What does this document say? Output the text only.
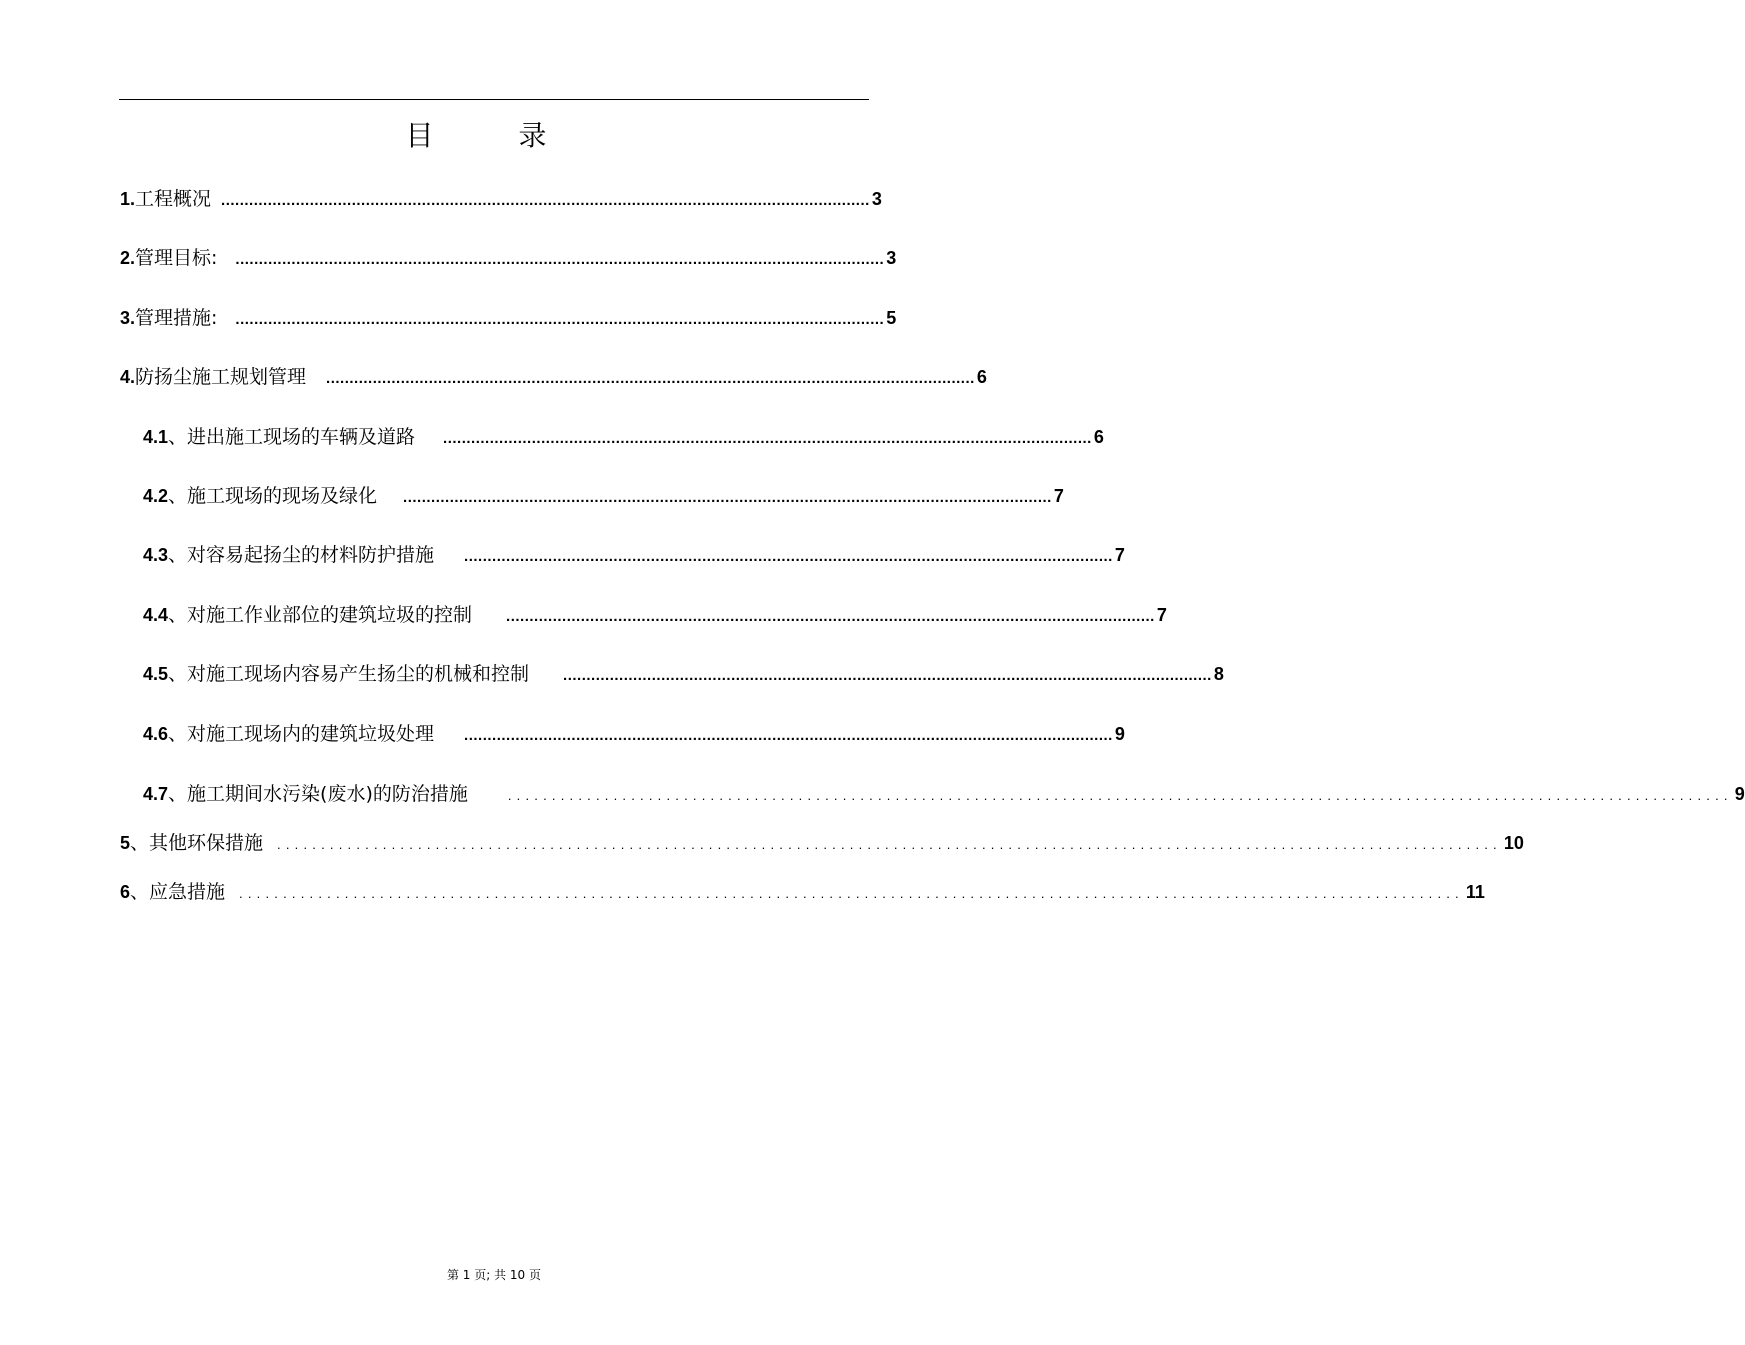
目 录
1. 工程概况 ........................................................................................................................................... 3
2. 管理目标: ........................................................................................................................................... 3
3. 管理措施: ........................................................................................................................................... 5
4. 防扬尘施工规划管理 ........................................................................................................................................... 6
4.1 、进出施工现场的车辆及道路 ........................................................................................................................................... 6
4.2 、施工现场的现场及绿化 ........................................................................................................................................... 7
4.3 、对容易起扬尘的材料防护措施 ........................................................................................................................................... 7
4.4 、对施工作业部位的建筑垃圾的控制 ........................................................................................................................................... 7
4.5 、对施工现场内容易产生扬尘的机械和控制 ........................................................................................................................................... 8
4.6 、对施工现场内的建筑垃圾处理 ........................................................................................................................................... 9
4.7 、施工期间水污染(废水)的防治措施	........................................................................................................................................... 9
5 、其他环保措施 ........................................................................................................................................... 10
6 、应急措施 ........................................................................................................................................... 11
第 1 页; 共 10 页
